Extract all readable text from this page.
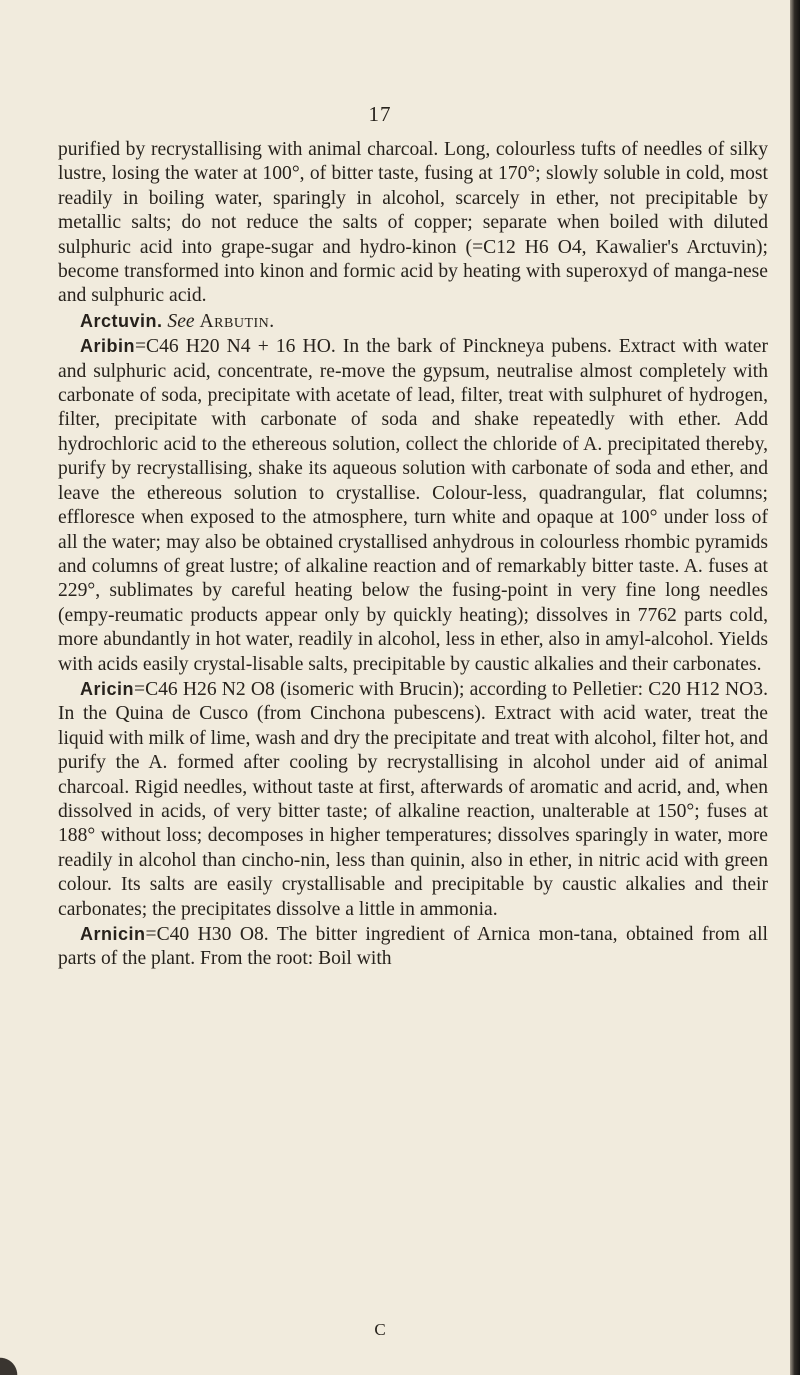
17

purified by recrystallising with animal charcoal. Long, colourless tufts of needles of silky lustre, losing the water at 100°, of bitter taste, fusing at 170°; slowly soluble in cold, most readily in boiling water, sparingly in alcohol, scarcely in ether, not precipitable by metallic salts; do not reduce the salts of copper; separate when boiled with diluted sulphuric acid into grape-sugar and hydro-kinon (=C12 H6 O4, Kawalier's Arctuvin); become transformed into kinon and formic acid by heating with superoxyd of manga-nese and sulphuric acid.

Arctuvin. See Arbutin.

Aribin=C46 H20 N4 + 16 HO. In the bark of Pinckneya pubens. Extract with water and sulphuric acid, concentrate, re-move the gypsum, neutralise almost completely with carbonate of soda, precipitate with acetate of lead, filter, treat with sulphuret of hydrogen, filter, precipitate with carbonate of soda and shake repeatedly with ether. Add hydrochloric acid to the ethereous solution, collect the chloride of A. precipitated thereby, purify by recrystallising, shake its aqueous solution with carbonate of soda and ether, and leave the ethereous solution to crystallise. Colour-less, quadrangular, flat columns; effloresce when exposed to the atmosphere, turn white and opaque at 100° under loss of all the water; may also be obtained crystallised anhydrous in colourless rhombic pyramids and columns of great lustre; of alkaline reaction and of remarkably bitter taste. A. fuses at 229°, sublimates by careful heating below the fusing-point in very fine long needles (empy-reumatic products appear only by quickly heating); dissolves in 7762 parts cold, more abundantly in hot water, readily in alcohol, less in ether, also in amyl-alcohol. Yields with acids easily crystal-lisable salts, precipitable by caustic alkalies and their carbonates.

Aricin=C46 H26 N2 O8 (isomeric with Brucin); according to Pelletier: C20 H12 NO3. In the Quina de Cusco (from Cinchona pubescens). Extract with acid water, treat the liquid with milk of lime, wash and dry the precipitate and treat with alcohol, filter hot, and purify the A. formed after cooling by recrystallising in alcohol under aid of animal charcoal. Rigid needles, without taste at first, afterwards of aromatic and acrid, and, when dissolved in acids, of very bitter taste; of alkaline reaction, unalterable at 150°; fuses at 188° without loss; decomposes in higher temperatures; dissolves sparingly in water, more readily in alcohol than cincho-nin, less than quinin, also in ether, in nitric acid with green colour. Its salts are easily crystallisable and precipitable by caustic alkalies and their carbonates; the precipitates dissolve a little in ammonia.

Arnicin=C40 H30 O8. The bitter ingredient of Arnica mon-tana, obtained from all parts of the plant. From the root: Boil with

C
